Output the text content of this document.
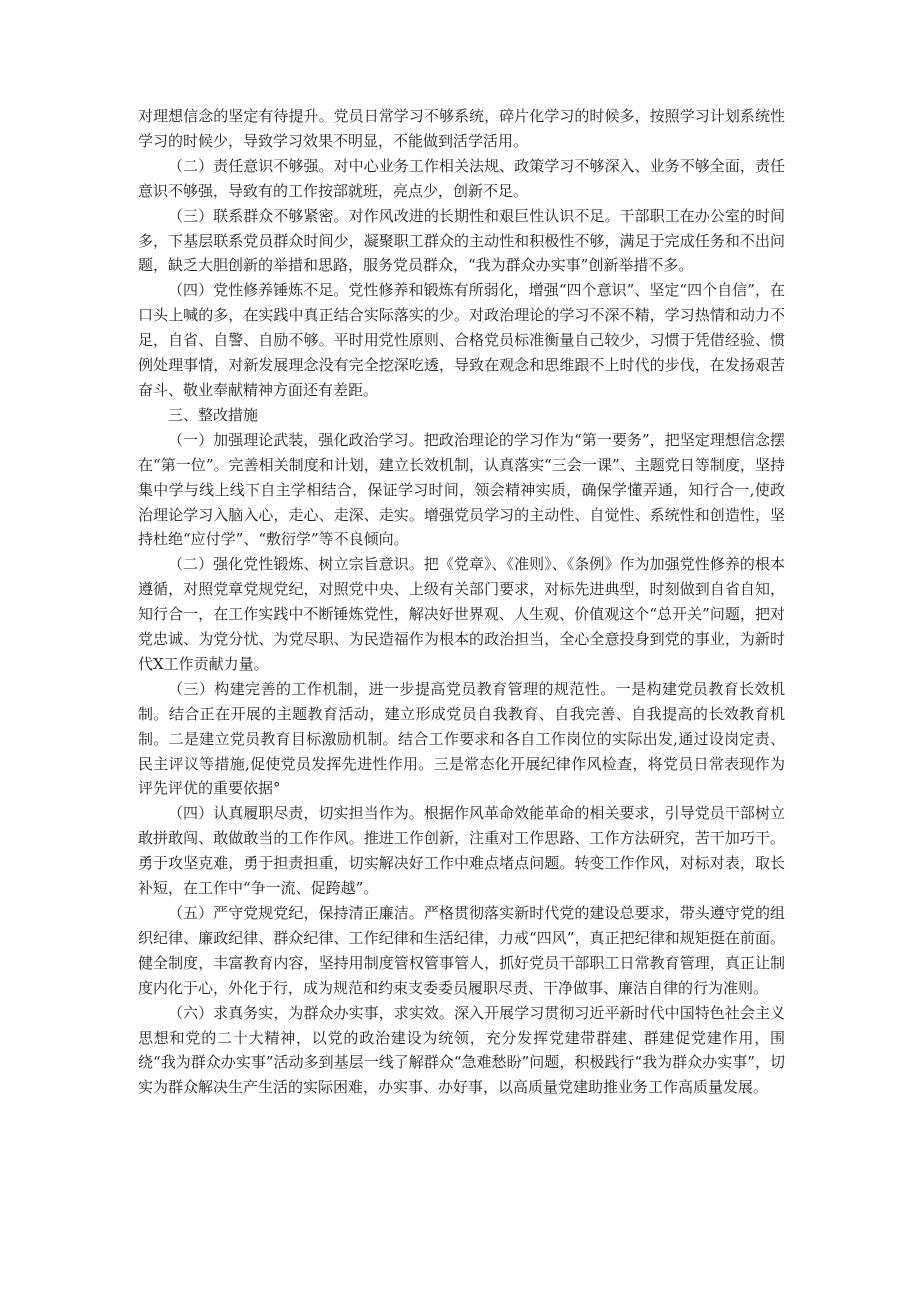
对理想信念的坚定有待提升。党员日常学习不够系统，碎片化学习的时候多，按照学习计划系统性学习的时候少，导致学习效果不明显，不能做到活学活用。

（二）责任意识不够强。对中心业务工作相关法规、政策学习不够深入、业务不够全面，责任意识不够强，导致有的工作按部就班，亮点少，创新不足。

（三）联系群众不够紧密。对作风改进的长期性和艰巨性认识不足。干部职工在办公室的时间多，下基层联系党员群众时间少，凝聚职工群众的主动性和积极性不够，满足于完成任务和不出问题，缺乏大胆创新的举措和思路，服务党员群众，“我为群众办实事”创新举措不多。

（四）党性修养锤炼不足。党性修养和锻炼有所弱化，增强“四个意识”、坚定“四个自信”，在口头上喊的多，在实践中真正结合实际落实的少。对政治理论的学习不深不精，学习热情和动力不足，自省、自警、自励不够。平时用党性原则、合格党员标准衡量自己较少，习惯于凭借经验、惯例处理事情，对新发展理念没有完全挖深吃透，导致在观念和思维跟不上时代的步伐，在发扬艰苦奋斗、敬业奉献精神方面还有差距。

三、整改措施

（一）加强理论武装，强化政治学习。把政治理论的学习作为“第一要务”，把坚定理想信念摆在“第一位”。完善相关制度和计划，建立长效机制，认真落实“三会一课”、主题党日等制度，坚持集中学与线上线下自主学相结合，保证学习时间，领会精神实质，确保学懂弄通，知行合一,使政治理论学习入脑入心，走心、走深、走实。增强党员学习的主动性、自觉性、系统性和创造性，坚持杜绝“应付学”、“敷衍学”等不良倾向。

（二）强化党性锻炼、树立宗旨意识。把《党章》、《准则》、《条例》作为加强党性修养的根本遵循，对照党章党规党纪，对照党中央、上级有关部门要求，对标先进典型，时刻做到自省自知，知行合一，在工作实践中不断锤炼党性，解决好世界观、人生观、价值观这个“总开关”问题，把对党忠诚、为党分忧、为党尽职、为民造福作为根本的政治担当，全心全意投身到党的事业，为新时代X工作贡献力量。

（三）构建完善的工作机制，进一步提高党员教育管理的规范性。一是构建党员教育长效机制。结合正在开展的主题教育活动，建立形成党员自我教育、自我完善、自我提高的长效教育机制。二是建立党员教育目标激励机制。结合工作要求和各自工作岗位的实际出发,通过设岗定责、民主评议等措施,促使党员发挥先进性作用。三是常态化开展纪律作风检查，将党员日常表现作为评先评优的重要依据°

（四）认真履职尽责，切实担当作为。根据作风革命效能革命的相关要求，引导党员干部树立敢拼敢闯、敢做敢当的工作作风。推进工作创新，注重对工作思路、工作方法研究，苦干加巧干。勇于攻坚克难，勇于担责担重，切实解决好工作中难点堵点问题。转变工作作风，对标对表，取长补短，在工作中“争一流、促跨越”。

（五）严守党规党纪，保持清正廉洁。严格贯彻落实新时代党的建设总要求，带头遵守党的组织纪律、廉政纪律、群众纪律、工作纪律和生活纪律，力戒“四风”，真正把纪律和规矩挺在前面。健全制度，丰富教育内容，坚持用制度管权管事管人，抓好党员干部职工日常教育管理，真正让制度内化于心，外化于行，成为规范和约束支委委员履职尽责、干净做事、廉洁自律的行为准则。

（六）求真务实，为群众办实事，求实效。深入开展学习贯彻习近平新时代中国特色社会主义思想和党的二十大精神，以党的政治建设为统领，充分发挥党建带群建、群建促党建作用，围绕“我为群众办实事”活动多到基层一线了解群众“急难愁盼”问题，积极践行“我为群众办实事”，切实为群众解决生产生活的实际困难，办实事、办好事，以高质量党建助推业务工作高质量发展。
